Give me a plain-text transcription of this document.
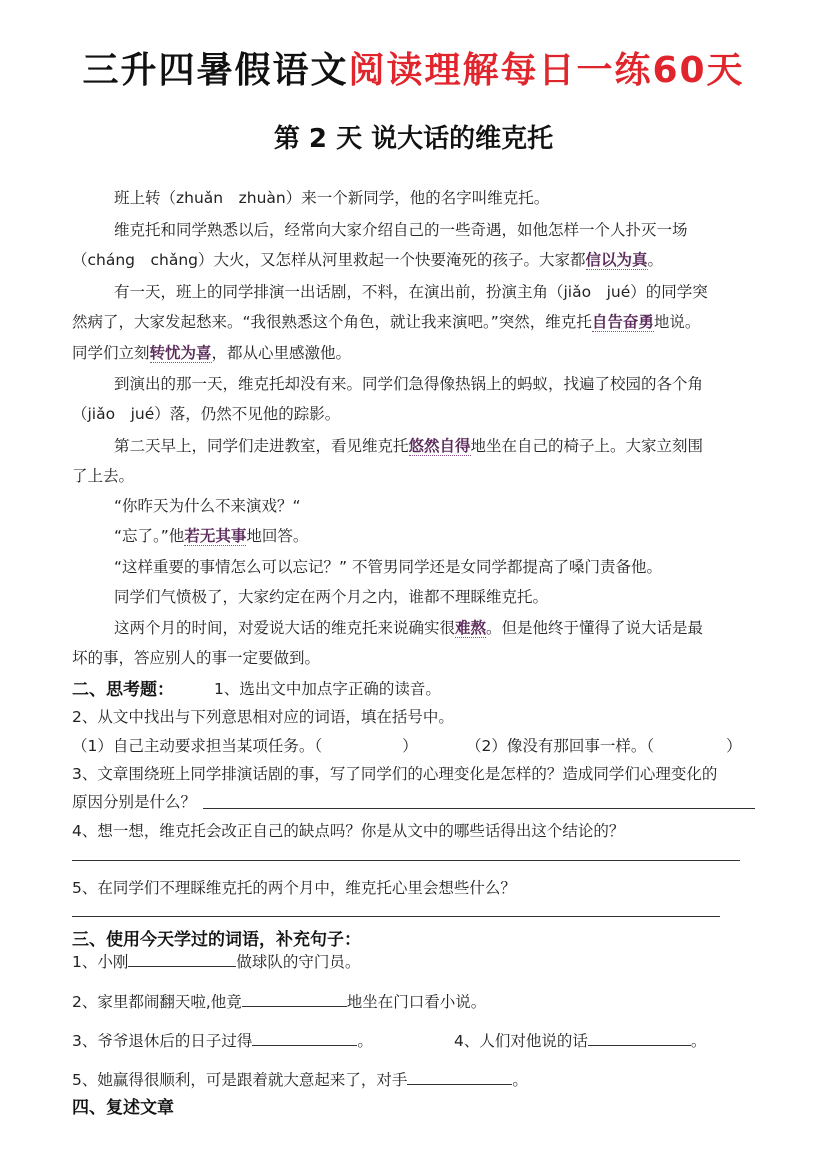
三升四暑假语文阅读理解每日一练60天
第 2 天 说大话的维克托
班上转（zhuǎn　zhuàn）来一个新同学，他的名字叫维克托。
维克托和同学熟悉以后，经常向大家介绍自己的一些奇遇，如他怎样一个人扑灭一场
（cháng　chǎng）大火，又怎样从河里救起一个快要淹死的孩子。大家都信以为真。
有一天，班上的同学排演一出话剧，不料，在演出前，扮演主角（jiǎo　jué）的同学突
然病了，大家发起愁来。“我很熟悉这个角色，就让我来演吧。”突然，维克托自告奋勇地说。
同学们立刻转忧为喜，都从心里感激他。
到演出的那一天，维克托却没有来。同学们急得像热锅上的蚂蚁，找遍了校园的各个角
（jiǎo　jué）落，仍然不见他的踪影。
第二天早上，同学们走进教室，看见维克托悠然自得地坐在自己的椅子上。大家立刻围
了上去。
“你昨天为什么不来演戏？“
“忘了。”他若无其事地回答。
“这样重要的事情怎么可以忘记？” 不管男同学还是女同学都提高了嗓门责备他。
同学们气愤极了，大家约定在两个月之内，谁都不理睬维克托。
这两个月的时间，对爱说大话的维克托来说确实很难熬。但是他终于懂得了说大话是最
坏的事，答应别人的事一定要做到。
二、思考题：	1、选出文中加点字正确的读音。
2、从文中找出与下列意思相对应的词语，填在括号中。
（1）自己主动要求担当某项任务。（	）	（2）像没有那回事一样。（	）
3、文章围绕班上同学排演话剧的事，写了同学们的心理变化是怎样的？造成同学们心理变化的
原因分别是什么？
4、想一想，维克托会改正自己的缺点吗？你是从文中的哪些话得出这个结论的？
5、在同学们不理睬维克托的两个月中，维克托心里会想些什么？
三、使用今天学过的词语，补充句子：
1、小刚	做球队的守门员。
2、家里都闹翻天啦,他竟	地坐在门口看小说。
3、爷爷退休后的日子过得	。	4、人们对他说的话	。
5、她赢得很顺利，可是跟着就大意起来了，对手	。
四、复述文章
